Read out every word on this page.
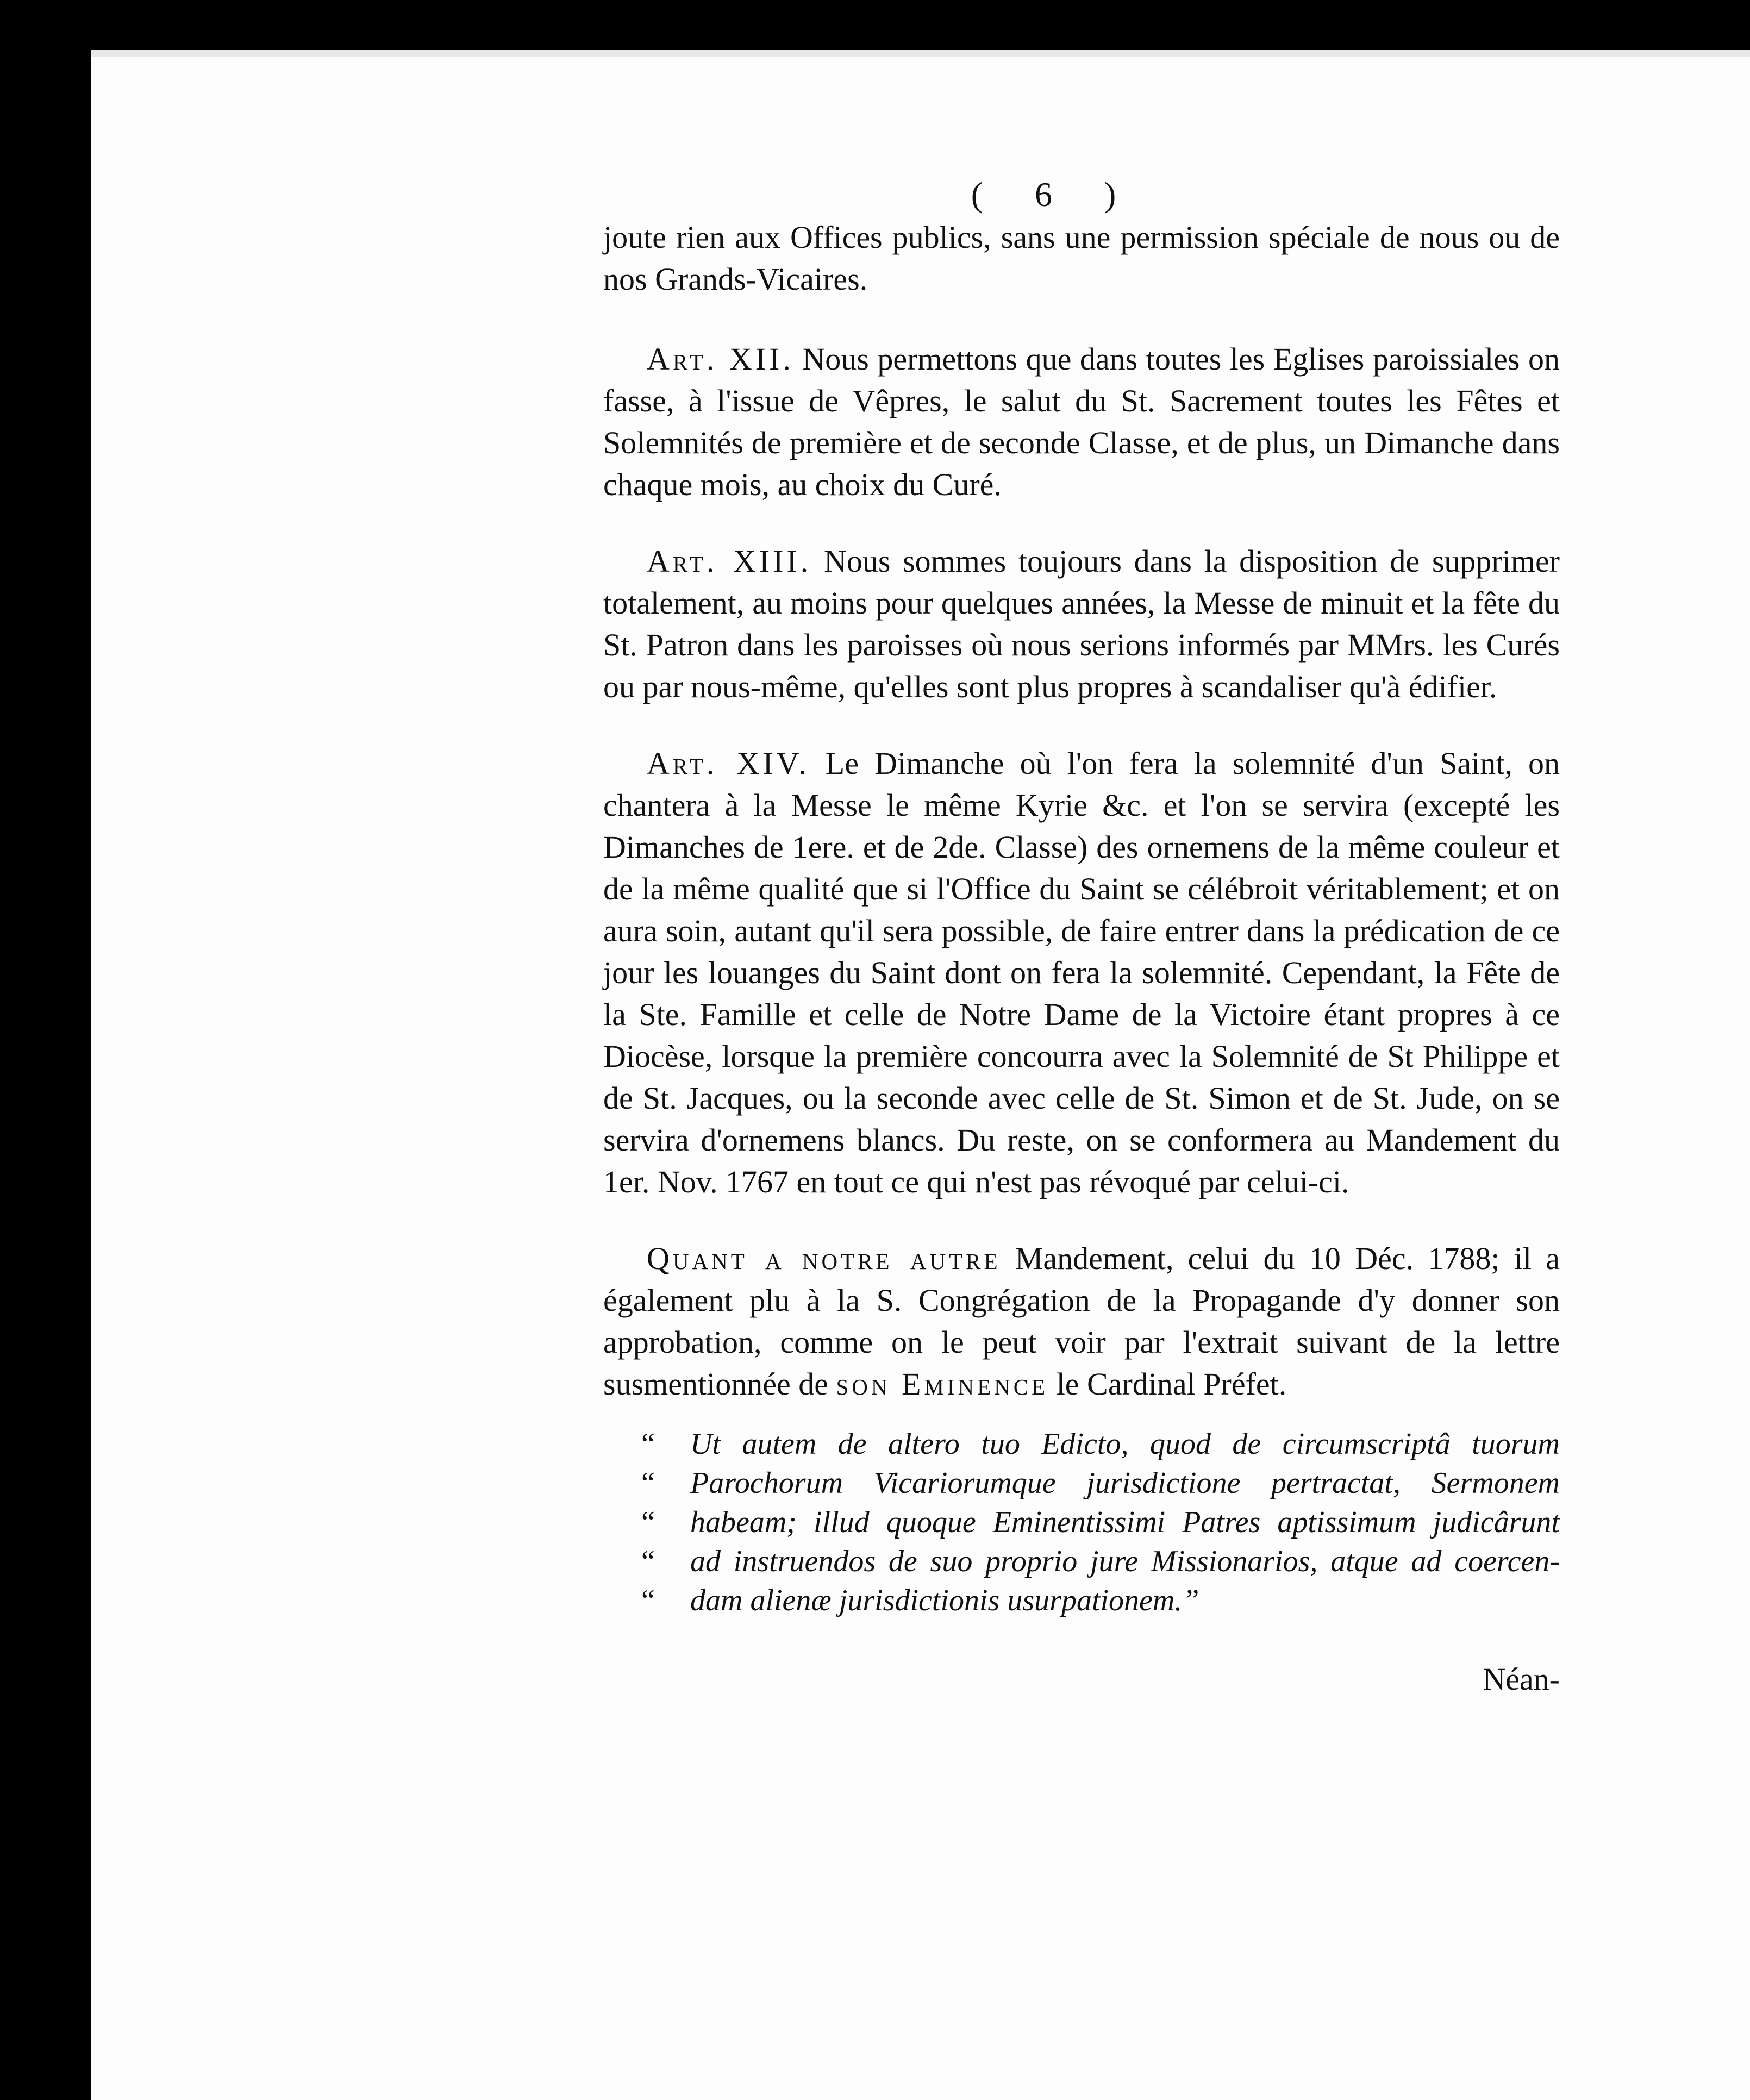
( 6 )

joute rien aux Offices publics, sans une permission spéciale de nous ou de nos Grands-Vicaires.

Art. XII. Nous permettons que dans toutes les Eglises paroissiales on fasse, à l'issue de Vêpres, le salut du St. Sacrement toutes les Fêtes et Solemnités de première et de seconde Classe, et de plus, un Dimanche dans chaque mois, au choix du Curé.

Art. XIII. Nous sommes toujours dans la disposition de supprimer totalement, au moins pour quelques années, la Messe de minuit et la fête du St. Patron dans les paroisses où nous serions informés par MMrs. les Curés ou par nous-même, qu'elles sont plus propres à scandaliser qu'à édifier.

Art. XIV. Le Dimanche où l'on fera la solemnité d'un Saint, on chantera à la Messe le même Kyrie &c. et l'on se servira (excepté les Dimanches de 1ere. et de 2de. Classe) des ornemens de la même couleur et de la même qualité que si l'Office du Saint se célébroit véritablement; et on aura soin, autant qu'il sera possible, de faire entrer dans la prédication de ce jour les louanges du Saint dont on fera la solemnité. Cependant, la Fête de la Ste. Famille et celle de Notre Dame de la Victoire étant propres à ce Diocèse, lorsque la première concourra avec la Solemnité de St Philippe et de St. Jacques, ou la seconde avec celle de St. Simon et de St. Jude, on se servira d'ornemens blancs. Du reste, on se conformera au Mandement du 1er. Nov. 1767 en tout ce qui n'est pas révoqué par celui-ci.

Quant a notre autre Mandement, celui du 10 Déc. 1788; il a également plu à la S. Congrégation de la Propagande d'y donner son approbation, comme on le peut voir par l'extrait suivant de la lettre susmentionnée de son Eminence le Cardinal Préfet.

“ Ut autem de altero tuo Edicto, quod de circumscriptâ tuorum
“ Parochorum Vicariorumque jurisdictione pertractat, Sermonem
“ habeam; illud quoque Eminentissimi Patres aptissimum judicârunt
“ ad instruendos de suo proprio jure Missionarios, atque ad coercen-
“ dam alienæ jurisdictionis usurpationem.”
Néan-
